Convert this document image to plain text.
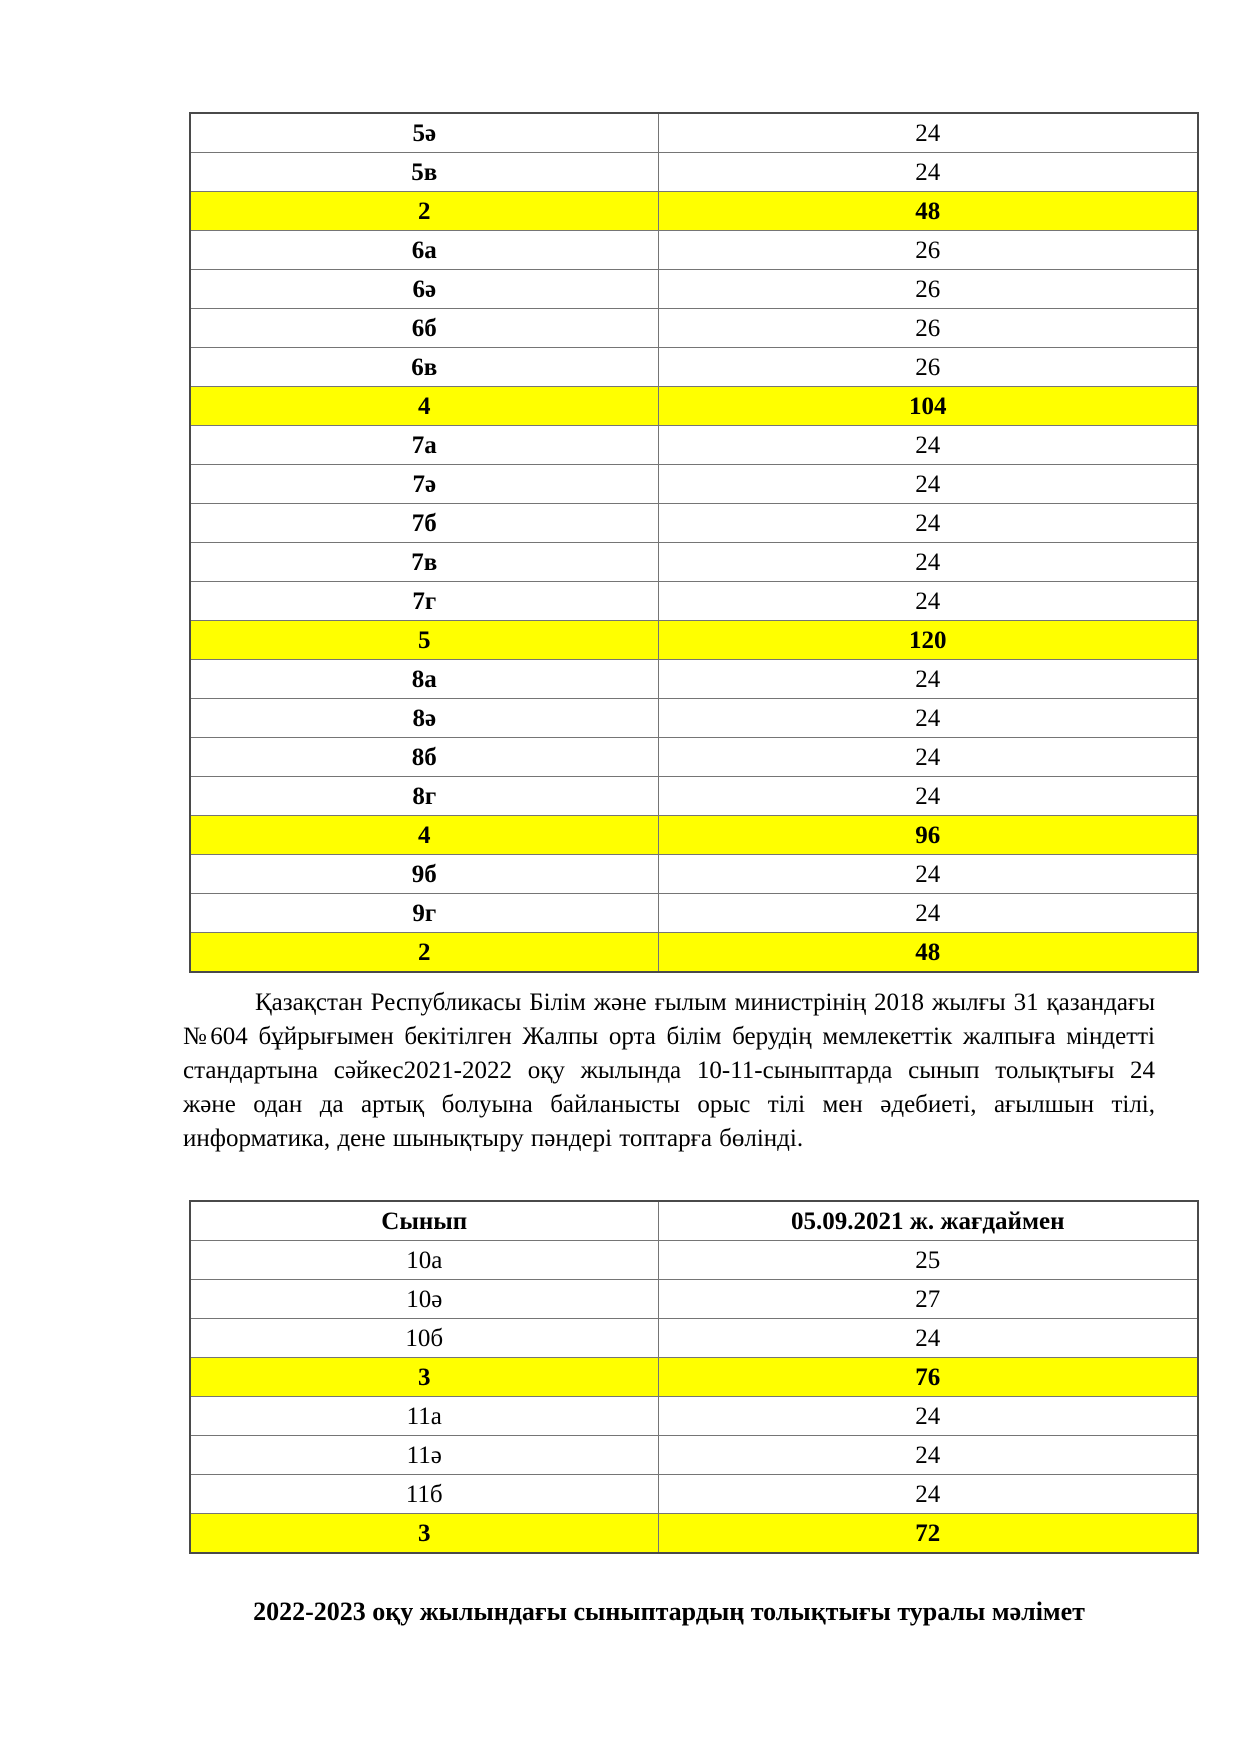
5ә	24
5в	24
2	48
6а	26
6ә	26
6б	26
6в	26
4	104
7а	24
7ә	24
7б	24
7в	24
7г	24
5	120
8а	24
8ә	24
8б	24
8г	24
4	96
9б	24
9г	24
2	48
Қазақстан Республикасы Білім және ғылым министрінің 2018 жылғы 31 қазандағы №604 бұйрығымен бекітілген Жалпы орта білім берудің мемлекеттік жалпыға міндетті стандартына сәйкес2021-2022 оқу жылында 10-11-сыныптарда сынып толықтығы 24 және одан да артық болуына байланысты орыс тілі мен әдебиеті, ағылшын тілі, информатика, дене шынықтыру пәндері топтарға бөлінді.
Сынып	05.09.2021 ж. жағдаймен
10а	25
10ә	27
10б	24
3	76
11а	24
11ә	24
11б	24
3	72
2022-2023 оқу жылындағы сыныптардың толықтығы туралы мәлімет
